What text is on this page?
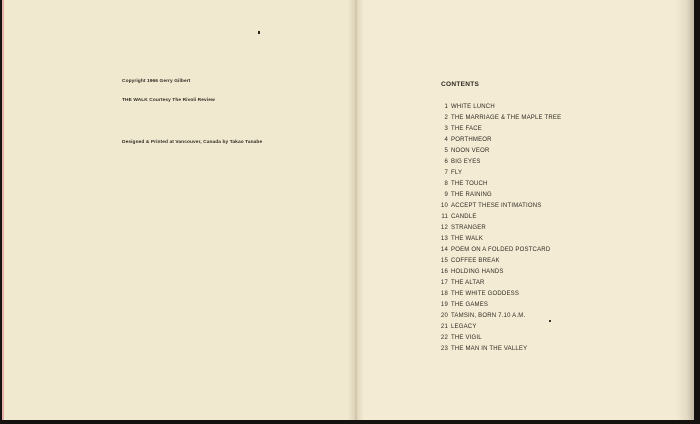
Copyright 1966 Gerry Gilbert
THE WALK Courtesy The Rivoli Review
Designed & Printed at Vancouver, Canada by Takao Tanabe
CONTENTS
1 WHITE LUNCH
2 THE MARRIAGE & THE MAPLE TREE
3 THE FACE
4 PORTHMEOR
5 NOON VEOR
6 BIG EYES
7 FLY
8 THE TOUCH
9 THE RAINING
10 ACCEPT THESE INTIMATIONS
11 CANDLE
12 STRANGER
13 THE WALK
14 POEM ON A FOLDED POSTCARD
15 COFFEE BREAK
16 HOLDING HANDS
17 THE ALTAR
18 THE WHITE GODDESS
19 THE GAMES
20 TAMSIN, BORN 7.10 A.M.
21 LEGACY
22 THE VIGIL
23 THE MAN IN THE VALLEY
